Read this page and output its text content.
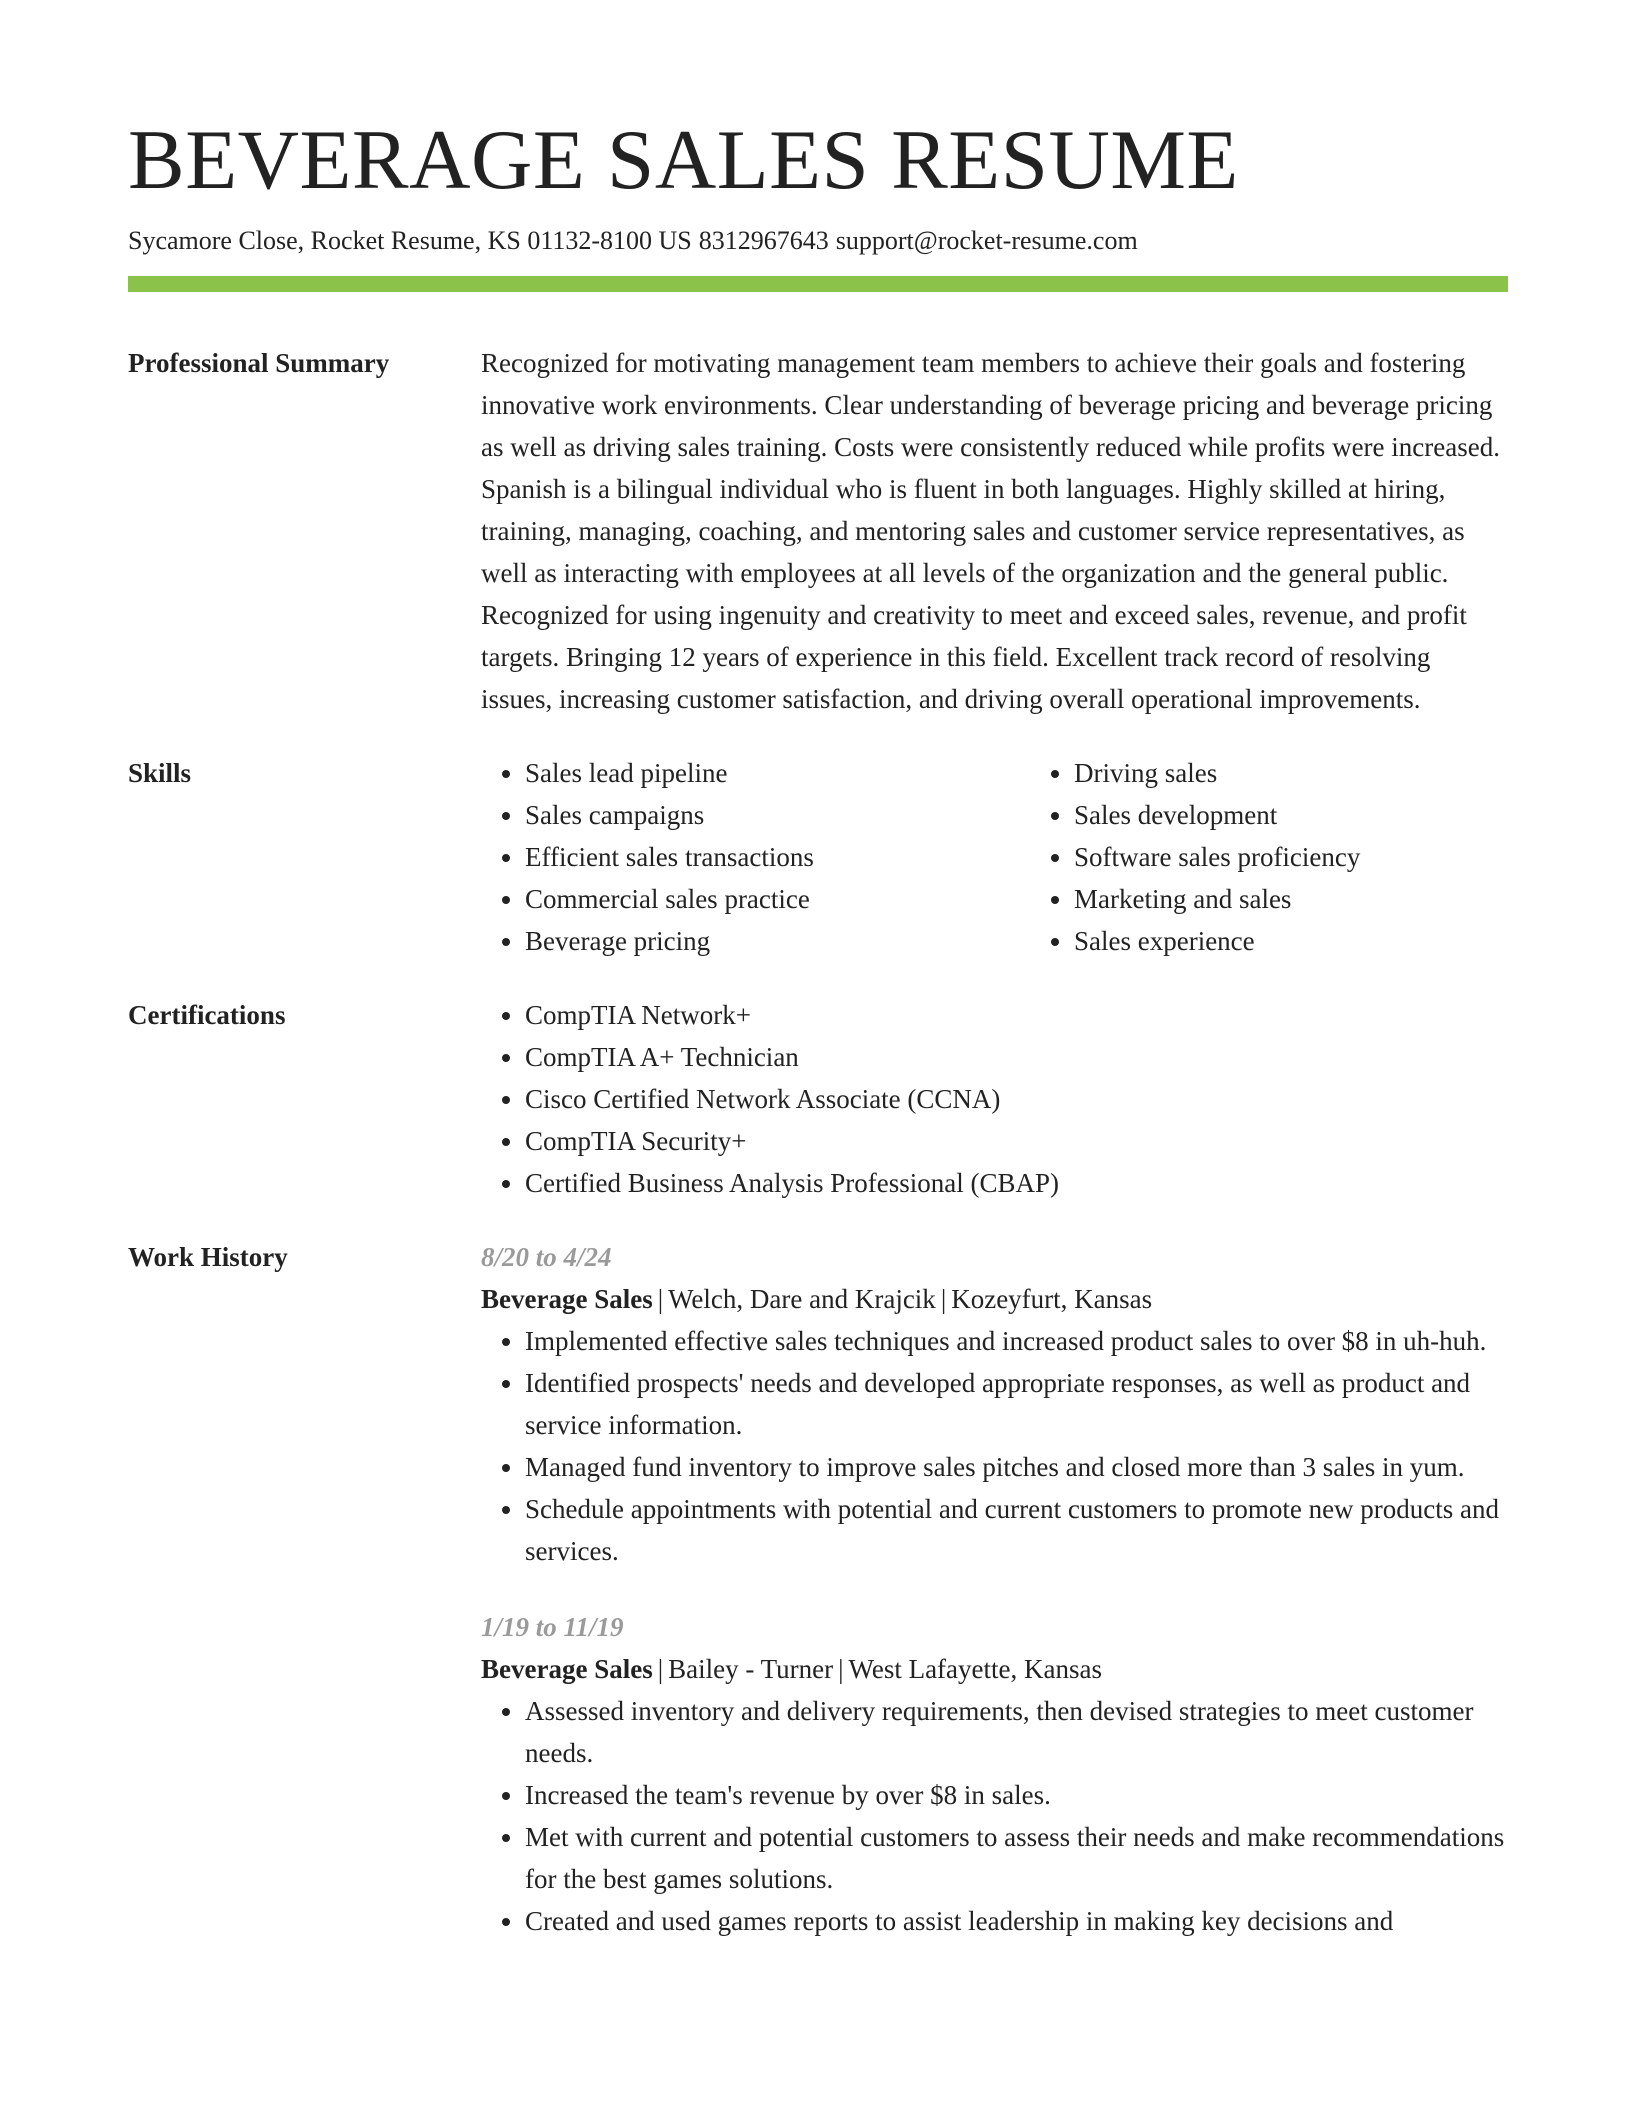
BEVERAGE SALES RESUME
Sycamore Close, Rocket Resume, KS 01132-8100 US 8312967643 support@rocket-resume.com
Professional Summary	Recognized for motivating management team members to achieve their goals and fostering innovative work environments. Clear understanding of beverage pricing and beverage pricing as well as driving sales training. Costs were consistently reduced while profits were increased. Spanish is a bilingual individual who is fluent in both languages. Highly skilled at hiring, training, managing, coaching, and mentoring sales and customer service representatives, as well as interacting with employees at all levels of the organization and the general public. Recognized for using ingenuity and creativity to meet and exceed sales, revenue, and profit targets. Bringing 12 years of experience in this field. Excellent track record of resolving issues, increasing customer satisfaction, and driving overall operational improvements.
Skills	• Sales lead pipeline
• Sales campaigns
• Efficient sales transactions
• Commercial sales practice
• Beverage pricing
• Driving sales
• Sales development
• Software sales proficiency
• Marketing and sales
• Sales experience
Certifications	• CompTIA Network+
• CompTIA A+ Technician
• Cisco Certified Network Associate (CCNA)
• CompTIA Security+
• Certified Business Analysis Professional (CBAP)
Work History	8/20 to 4/24
Beverage Sales | Welch, Dare and Krajcik | Kozeyfurt, Kansas
• Implemented effective sales techniques and increased product sales to over $8 in uh-huh.
• Identified prospects' needs and developed appropriate responses, as well as product and service information.
• Managed fund inventory to improve sales pitches and closed more than 3 sales in yum.
• Schedule appointments with potential and current customers to promote new products and services.
1/19 to 11/19
Beverage Sales | Bailey - Turner | West Lafayette, Kansas
• Assessed inventory and delivery requirements, then devised strategies to meet customer needs.
• Increased the team's revenue by over $8 in sales.
• Met with current and potential customers to assess their needs and make recommendations for the best games solutions.
• Created and used games reports to assist leadership in making key decisions and
